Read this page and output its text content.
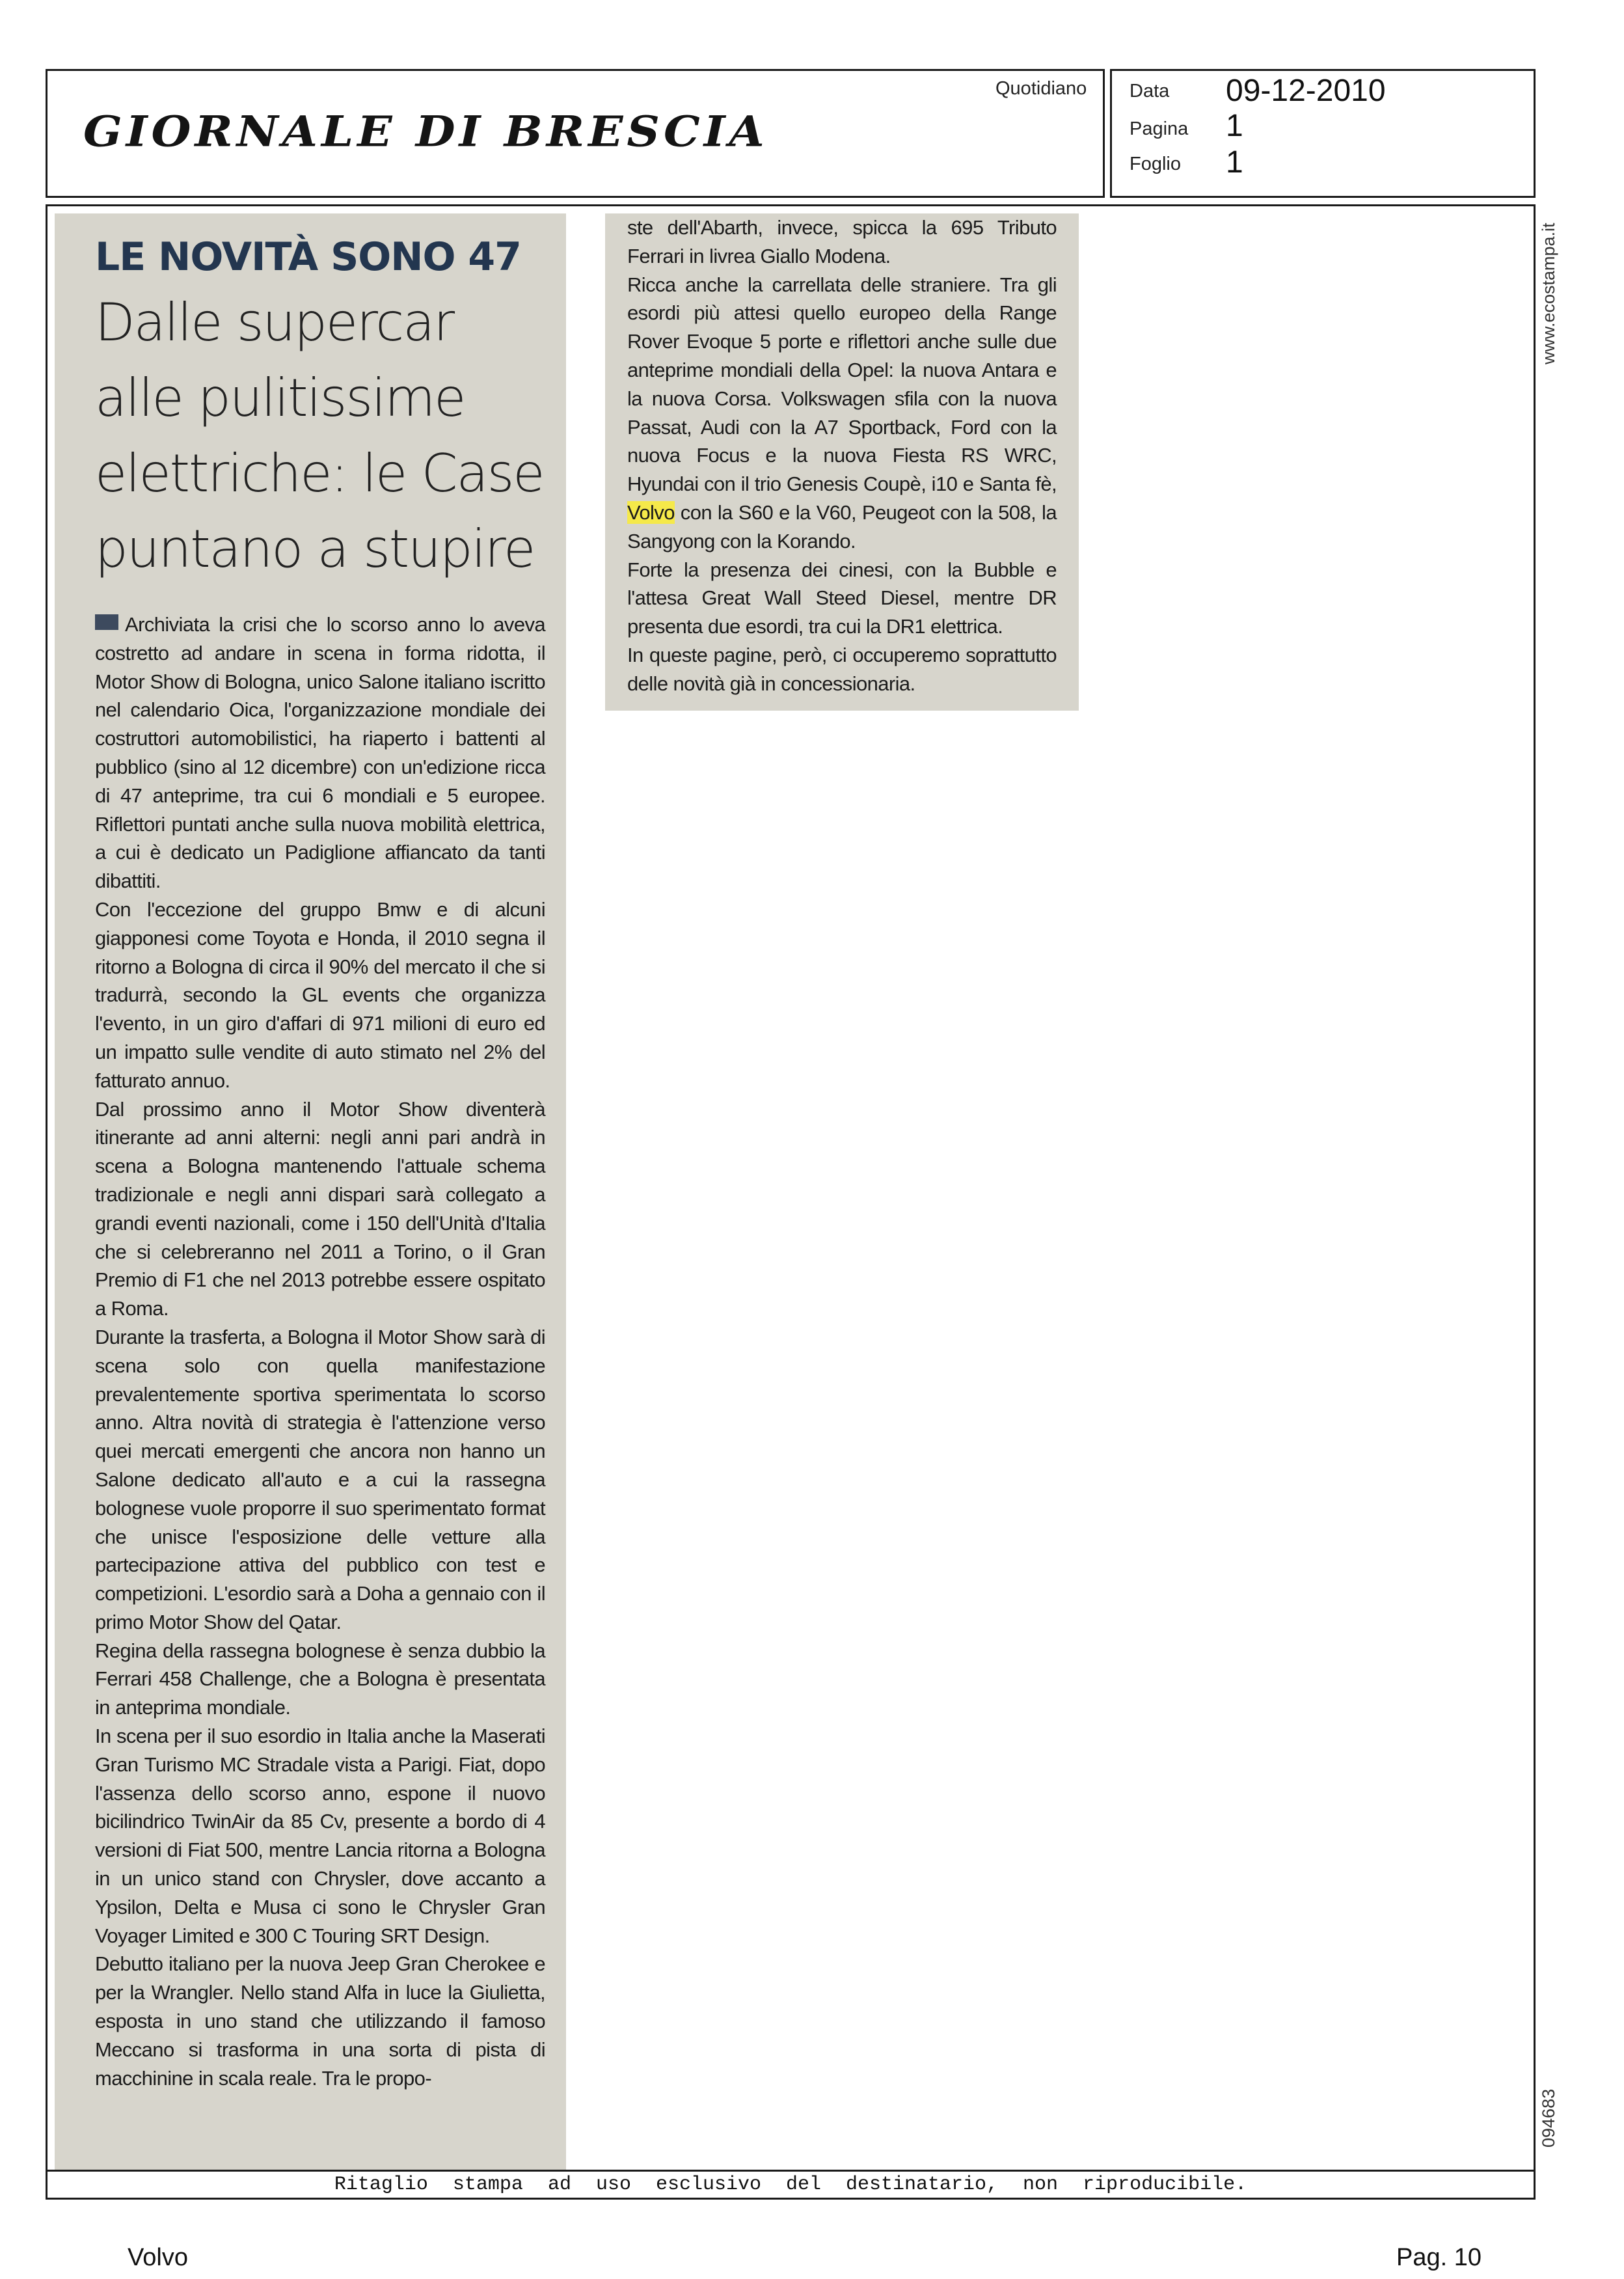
GIORNALE DI BRESCIA
Quotidiano Data 09-12-2010
Pagina 1
Foglio 1
www.ecostampa.it
094683
LE NOVITÀ SONO 47
Dalle supercar alle pulitissime elettriche: le Case puntano a stupire

Archiviata la crisi che lo scorso anno lo aveva costretto ad andare in scena in forma ridotta, il Motor Show di Bologna, unico Salone italiano iscritto nel calendario Oica, l'organizzazione mondiale dei costruttori automobilistici, ha riaperto i battenti al pubblico (sino al 12 dicembre) con un'edizione ricca di 47 anteprime, tra cui 6 mondiali e 5 europee. Riflettori puntati anche sulla nuova mobilità elettrica, a cui è dedicato un Padiglione affiancato da tanti dibattiti.

Con l'eccezione del gruppo Bmw e di alcuni giapponesi come Toyota e Honda, il 2010 segna il ritorno a Bologna di circa il 90% del mercato il che si tradurrà, secondo la GL events che organizza l'evento, in un giro d'affari di 971 milioni di euro ed un impatto sulle vendite di auto stimato nel 2% del fatturato annuo.

Dal prossimo anno il Motor Show diventerà itinerante ad anni alterni: negli anni pari andrà in scena a Bologna mantenendo l'attuale schema tradizionale e negli anni dispari sarà collegato a grandi eventi nazionali, come i 150 dell'Unità d'Italia che si celebreranno nel 2011 a Torino, o il Gran Premio di F1 che nel 2013 potrebbe essere ospitato a Roma.

Durante la trasferta, a Bologna il Motor Show sarà di scena solo con quella manifestazione prevalentemente sportiva sperimentata lo scorso anno. Altra novità di strategia è l'attenzione verso quei mercati emergenti che ancora non hanno un Salone dedicato all'auto e a cui la rassegna bolognese vuole proporre il suo sperimentato format che unisce l'esposizione delle vetture alla partecipazione attiva del pubblico con test e competizioni. L'esordio sarà a Doha a gennaio con il primo Motor Show del Qatar.

Regina della rassegna bolognese è senza dubbio la Ferrari 458 Challenge, che a Bologna è presentata in anteprima mondiale.

In scena per il suo esordio in Italia anche la Maserati Gran Turismo MC Stradale vista a Parigi. Fiat, dopo l'assenza dello scorso anno, espone il nuovo bicilindrico TwinAir da 85 Cv, presente a bordo di 4 versioni di Fiat 500, mentre Lancia ritorna a Bologna in un unico stand con Chrysler, dove accanto a Ypsilon, Delta e Musa ci sono le Chrysler Gran Voyager Limited e 300 C Touring SRT Design.

Debutto italiano per la nuova Jeep Gran Cherokee e per la Wrangler. Nello stand Alfa in luce la Giulietta, esposta in uno stand che utilizzando il famoso Meccano si trasforma in una sorta di pista di macchinine in scala reale. Tra le propo-

ste dell'Abarth, invece, spicca la 695 Tributo Ferrari in livrea Giallo Modena.

Ricca anche la carrellata delle straniere. Tra gli esordi più attesi quello europeo della Range Rover Evoque 5 porte e riflettori anche sulle due anteprime mondiali della Opel: la nuova Antara e la nuova Corsa. Volkswagen sfila con la nuova Passat, Audi con la A7 Sportback, Ford con la nuova Focus e la nuova Fiesta RS WRC, Hyundai con il trio Genesis Coupè, i10 e Santa fè, Volvo con la S60 e la V60, Peugeot con la 508, la Sangyong con la Korando.

Forte la presenza dei cinesi, con la Bubble e l'attesa Great Wall Steed Diesel, mentre DR presenta due esordi, tra cui la DR1 elettrica.

In queste pagine, però, ci occuperemo soprattutto delle novità già in concessionaria.

Ritaglio stampa ad uso esclusivo del destinatario, non riproducibile.
Volvo	Pag. 10
